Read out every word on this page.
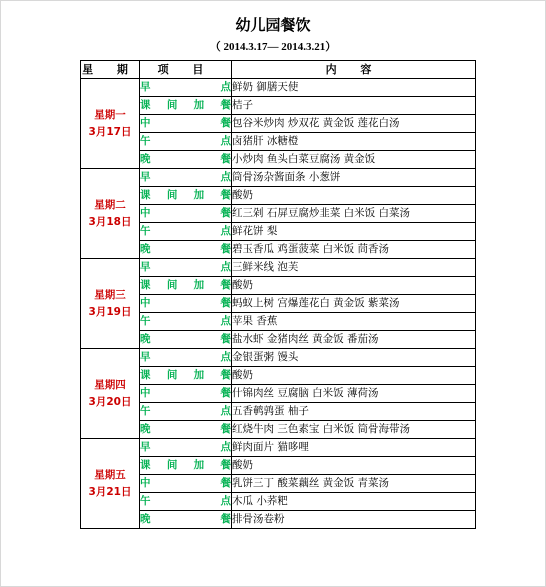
幼儿园餐饮
（ 2014.3.17— 2014.3.21）
星 期	项 目	内 容

星期一
3月17日	早点	鲜奶 御膳天使

	课间加餐	桔子

	中餐	包谷米炒肉 炒双花 黄金饭 莲花白汤

	午点	卤猪肝 冰糖橙

	晚餐	小炒肉 鱼头白菜豆腐汤 黄金饭

星期二
3月18日	早点	筒骨汤杂酱面条 小葱饼

	课间加餐	酸奶

	中餐	红三剁 石屏豆腐炒韭菜 白米饭 白菜汤

	午点	鲜花饼 梨

	晚餐	碧玉香瓜 鸡蛋菠菜 白米饭 茼香汤

星期三
3月19日	早点	三鲜米线 泡芙

	课间加餐	酸奶

	中餐	蚂蚁上树 宫爆莲花白 黄金饭 紫菜汤

	午点	苹果 香蕉

	晚餐	盐水虾 金猪肉丝 黄金饭 番茄汤

星期四
3月20日	早点	金银蛋粥 馒头

	课间加餐	酸奶

	中餐	什锦肉丝 豆腐脑 白米饭 薄荷汤

	午点	五香鹌鹑蛋 柚子

	晚餐	红烧牛肉 三色素宝 白米饭 筒骨海带汤

星期五
3月21日	早点	鲜肉面片 猫哆哩

	课间加餐	酸奶

	中餐	乳饼三丁 酸菜藕丝 黄金饭 青菜汤

	午点	木瓜 小荞粑

	晚餐	排骨汤卷粉
